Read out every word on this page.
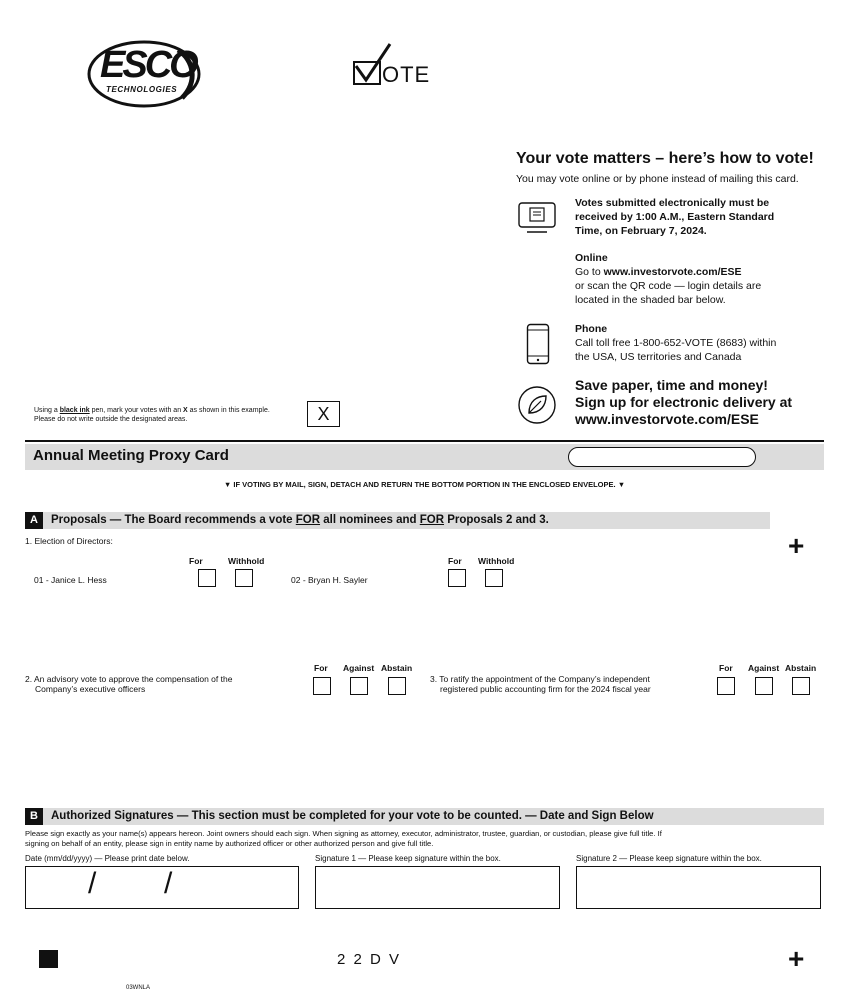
ESCO
TECHNOLOGIES
OTE
Your vote matters – here’s how to vote!
You may vote online or by phone instead of mailing this card.
Votes submitted electronically must be
received by 1:00 A.M., Eastern Standard
Time, on February 7, 2024.
Online
Go to www.investorvote.com/ESE
or scan the QR code — login details are
located in the shaded bar below.
Phone
Call toll free 1-800-652-VOTE (8683) within
the USA, US territories and Canada
Save paper, time and money!
Sign up for electronic delivery at
www.investorvote.com/ESE
Using a black ink pen, mark your votes with an X as shown in this example.
Please do not write outside the designated areas.	X
Annual Meeting Proxy Card
▼ IF VOTING BY MAIL, SIGN, DETACH AND RETURN THE BOTTOM PORTION IN THE ENCLOSED ENVELOPE. ▼
A	Proposals — The Board recommends a vote FOR all nominees and FOR Proposals 2 and 3.
+
1. Election of Directors:
For	Withhold
01 - Janice L. Hess
For Withhold
02 - Bryan H. Sayler
2. An advisory vote to approve the compensation of the
Company’s executive officers
For Against Abstain
3. To ratify the appointment of the Company’s independent
registered public accounting firm for the 2024 fiscal year
For Against Abstain
B	Authorized Signatures — This section must be completed for your vote to be counted. — Date and Sign Below
Please sign exactly as your name(s) appears hereon. Joint owners should each sign. When signing as attorney, executor, administrator, trustee, guardian, or custodian, please give full title. If
signing on behalf of an entity, please sign in entity name by authorized officer or other authorized person and give full title.
Date (mm/dd/yyyy) — Please print date below.	Signature 1 — Please keep signature within the box.	Signature 2 — Please keep signature within the box.
/ /
2 2 D V	+
03WNLA
